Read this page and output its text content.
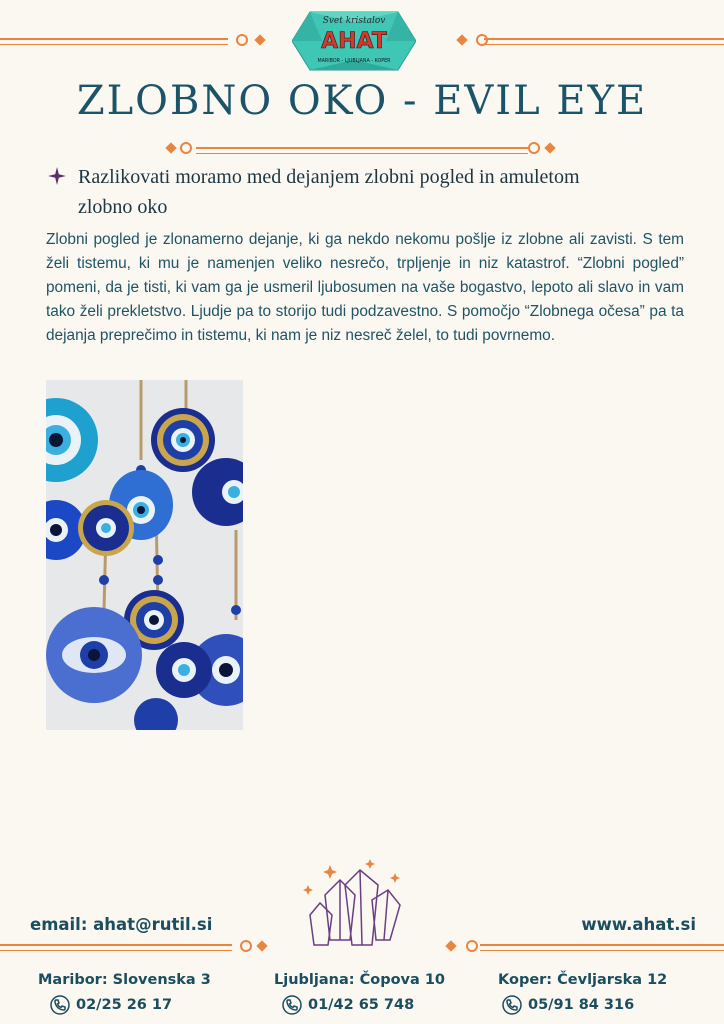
Svet kristalov
AHAT
MARIBOR - LJUBLJANA - KOPER
ZLOBNO OKO - EVIL EYE
Razlikovati moramo med dejanjem zlobni pogled in amuletom zlobno oko
Zlobni pogled je zlonamerno dejanje, ki ga nekdo nekomu pošlje iz zlobne ali zavisti. S tem želi tistemu, ki mu je namenjen veliko nesrečo, trpljenje in niz katastrof. “Zlobni pogled” pomeni, da je tisti, ki vam ga je usmeril ljubosumen na vaše bogastvo, lepoto ali slavo in vam tako želi prekletstvo. Ljudje pa to storijo tudi podzavestno. S pomočjo “Zlobnega očesa” pa ta dejanja preprečimo in tistemu, ki nam je niz nesreč želel, to tudi povrnemo.
email: ahat@rutil.si	www.ahat.si
Maribor: Slovenska 3	Ljubljana: Čopova 10	Koper: Čevljarska 12
02/25 26 17	01/42 65 748	05/91 84 316
